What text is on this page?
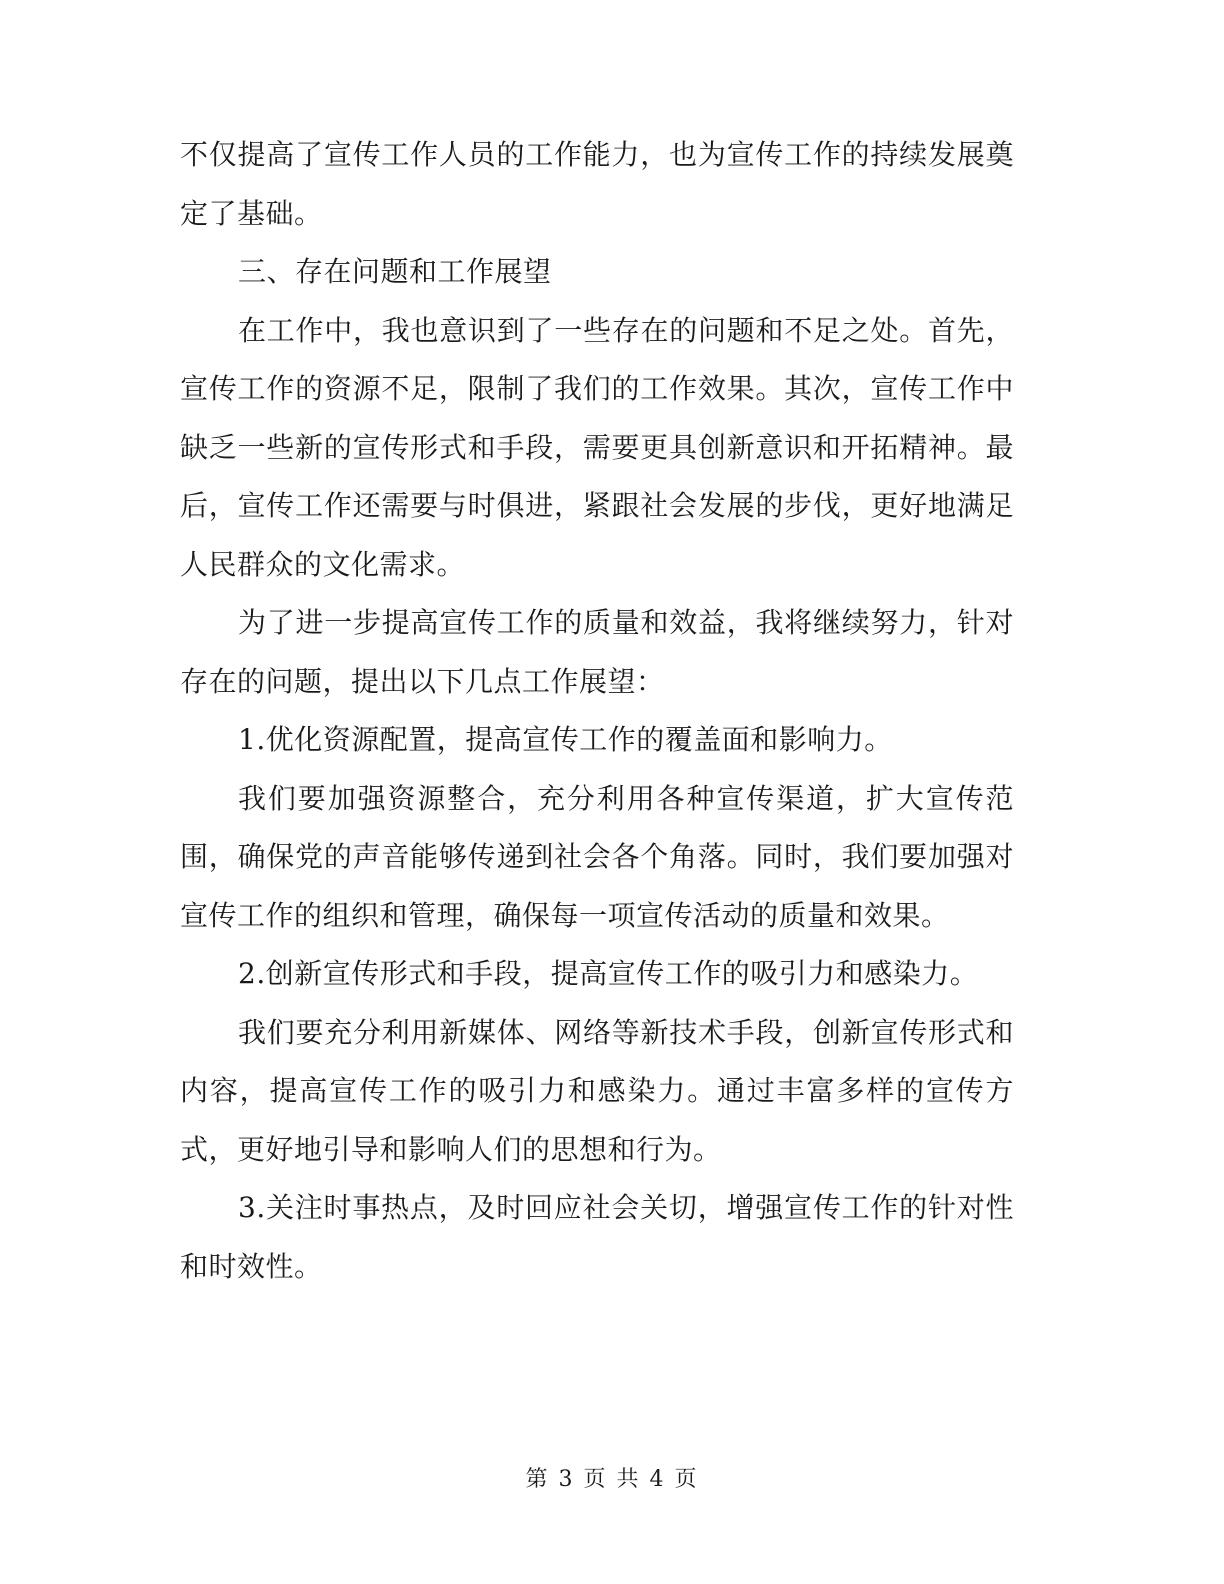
不仅提高了宣传工作人员的工作能力，也为宣传工作的持续发展奠定了基础。

三、存在问题和工作展望

在工作中，我也意识到了一些存在的问题和不足之处。首先，宣传工作的资源不足，限制了我们的工作效果。其次，宣传工作中缺乏一些新的宣传形式和手段，需要更具创新意识和开拓精神。最后，宣传工作还需要与时俱进，紧跟社会发展的步伐，更好地满足人民群众的文化需求。

为了进一步提高宣传工作的质量和效益，我将继续努力，针对存在的问题，提出以下几点工作展望：

1.优化资源配置，提高宣传工作的覆盖面和影响力。

我们要加强资源整合，充分利用各种宣传渠道，扩大宣传范围，确保党的声音能够传递到社会各个角落。同时，我们要加强对宣传工作的组织和管理，确保每一项宣传活动的质量和效果。

2.创新宣传形式和手段，提高宣传工作的吸引力和感染力。

我们要充分利用新媒体、网络等新技术手段，创新宣传形式和内容，提高宣传工作的吸引力和感染力。通过丰富多样的宣传方式，更好地引导和影响人们的思想和行为。

3.关注时事热点，及时回应社会关切，增强宣传工作的针对性和时效性。

第 3 页 共 4 页
